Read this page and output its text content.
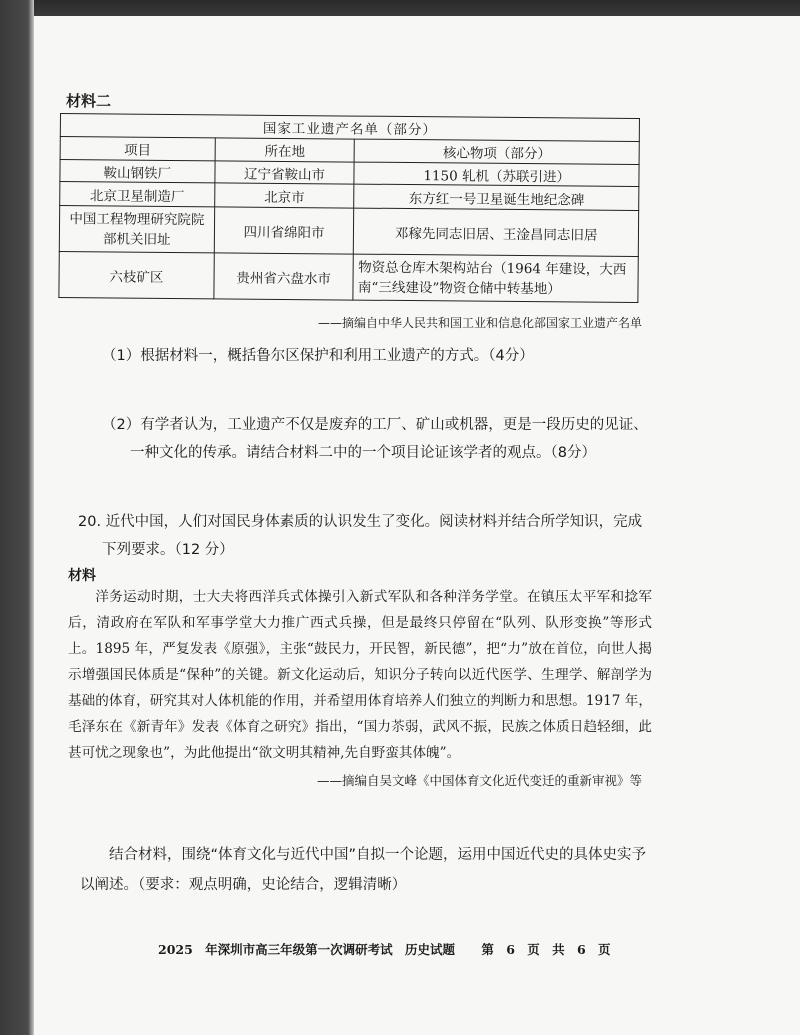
材料二
国家工业遗产名单（部分）		
项目	所在地	核心物项（部分）
鞍山钢铁厂	辽宁省鞍山市	1150 轧机（苏联引进）
北京卫星制造厂	北京市	东方红一号卫星诞生地纪念碑
中国工程物理研究院院部机关旧址	四川省绵阳市	邓稼先同志旧居、王淦昌同志旧居
六枝矿区	贵州省六盘水市	物资总仓库木架构站台（1964 年建设，大西南“三线建设”物资仓储中转基地）
——摘编自中华人民共和国工业和信息化部国家工业遗产名单
（1）根据材料一，概括鲁尔区保护和利用工业遗产的方式。（4分）
（2）有学者认为，工业遗产不仅是废弃的工厂、矿山或机器，更是一段历史的见证、
一种文化的传承。请结合材料二中的一个项目论证该学者的观点。（8分）
20. 近代中国，人们对国民身体素质的认识发生了变化。阅读材料并结合所学知识，完成
下列要求。（12 分）
材料
洋务运动时期，士大夫将西洋兵式体操引入新式军队和各种洋务学堂。在镇压太平军和捻军后，清政府在军队和军事学堂大力推广西式兵操，但是最终只停留在“队列、队形变换”等形式上。1895 年，严复发表《原强》，主张“鼓民力，开民智，新民德”，把“力”放在首位，向世人揭示增强国民体质是“保种”的关键。新文化运动后，知识分子转向以近代医学、生理学、解剖学为基础的体育，研究其对人体机能的作用，并希望用体育培养人们独立的判断力和思想。1917 年，毛泽东在《新青年》发表《体育之研究》指出，“国力苶弱，武风不振，民族之体质日趋轻细，此甚可忧之现象也”，为此他提出“欲文明其精神,先自野蛮其体魄”。
——摘编自吴文峰《中国体育文化近代变迁的重新审视》等
结合材料，围绕“体育文化与近代中国”自拟一个论题，运用中国近代史的具体史实予以阐述。（要求：观点明确，史论结合，逻辑清晰）
2025 年深圳市高三年级第一次调研考试 历史试题 第 6 页 共 6 页
